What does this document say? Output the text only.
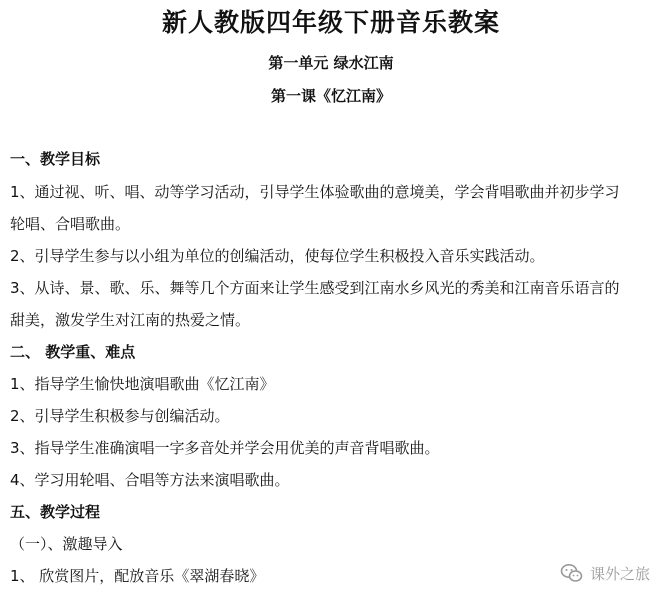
新人教版四年级下册音乐教案
第一单元 绿水江南
第一课《忆江南》
一、教学目标
1、通过视、听、唱、动等学习活动，引导学生体验歌曲的意境美，学会背唱歌曲并初步学习
轮唱、合唱歌曲。
2、引导学生参与以小组为单位的创编活动，使每位学生积极投入音乐实践活动。
3、从诗、景、歌、乐、舞等几个方面来让学生感受到江南水乡风光的秀美和江南音乐语言的
甜美，激发学生对江南的热爱之情。
二、 教学重、难点
1、指导学生愉快地演唱歌曲《忆江南》
2、引导学生积极参与创编活动。
3、指导学生准确演唱一字多音处并学会用优美的声音背唱歌曲。
4、学习用轮唱、合唱等方法来演唱歌曲。
五、教学过程
（一）、激趣导入
1、 欣赏图片，配放音乐《翠湖春晓》	课外之旅
